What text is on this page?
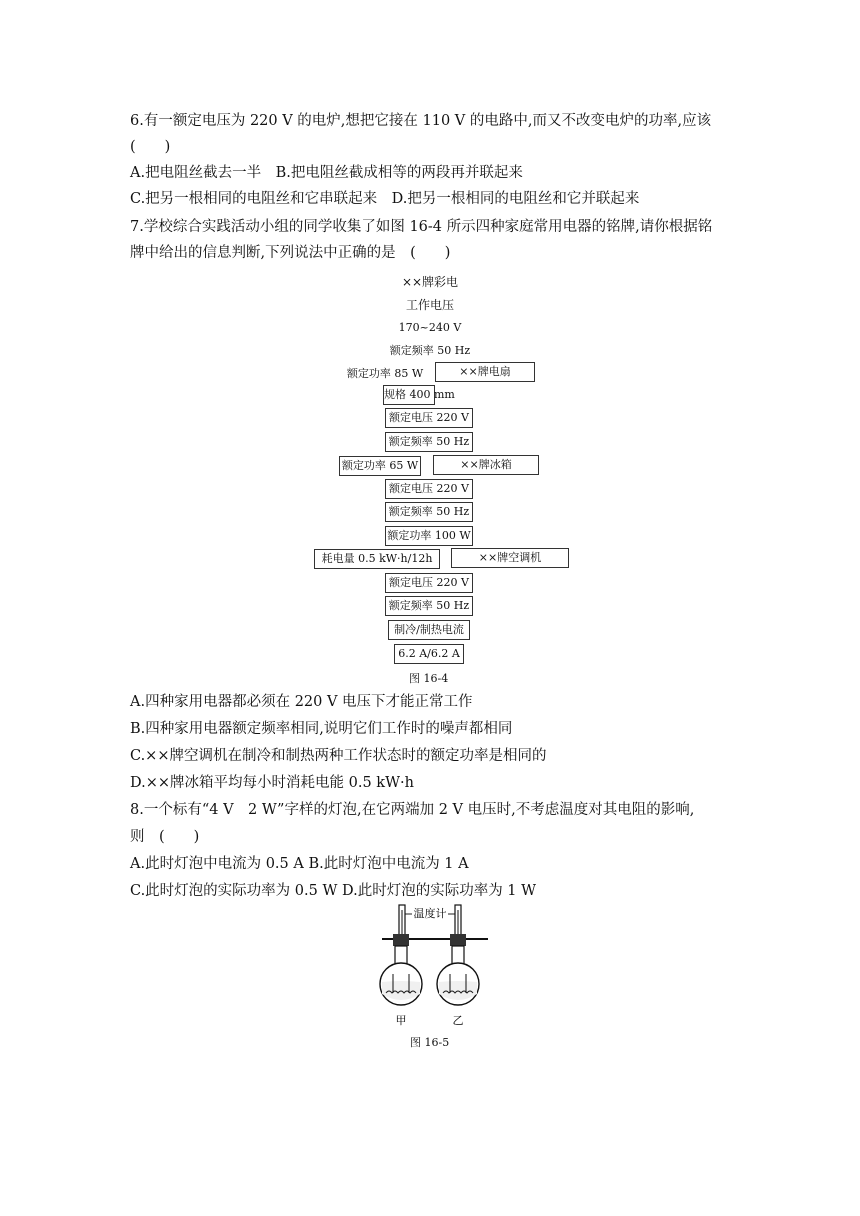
6.有一额定电压为 220 V 的电炉,想把它接在 110 V 的电路中,而又不改变电炉的功率,应该
(　　)
A.把电阻丝截去一半　B.把电阻丝截成相等的两段再并联起来
C.把另一根相同的电阻丝和它串联起来　D.把另一根相同的电阻丝和它并联起来
7.学校综合实践活动小组的同学收集了如图 16-4 所示四种家庭常用电器的铭牌,请你根据铭
牌中给出的信息判断,下列说法中正确的是　(　　)
××牌彩电
工作电压
170~240 V
额定频率 50 Hz
额定功率 85 W	××牌电扇
规格 400 mm
额定电压 220 V
额定频率 50 Hz
额定功率 65 W	××牌冰箱
额定电压 220 V
额定频率 50 Hz
额定功率 100 W
耗电量 0.5 kW·h/12h	××牌空调机
额定电压 220 V
额定频率 50 Hz
制冷/制热电流
6.2 A/6.2 A
图 16-4
A.四种家用电器都必须在 220 V 电压下才能正常工作
B.四种家用电器额定频率相同,说明它们工作时的噪声都相同
C.××牌空调机在制冷和制热两种工作状态时的额定功率是相同的
D.××牌冰箱平均每小时消耗电能 0.5 kW·h
8.一个标有“4 V　2 W”字样的灯泡,在它两端加 2 V 电压时,不考虑温度对其电阻的影响,
则　(　　)
A.此时灯泡中电流为 0.5 A B.此时灯泡中电流为 1 A
C.此时灯泡的实际功率为 0.5 W D.此时灯泡的实际功率为 1 W
温度计
甲	乙
图 16-5
